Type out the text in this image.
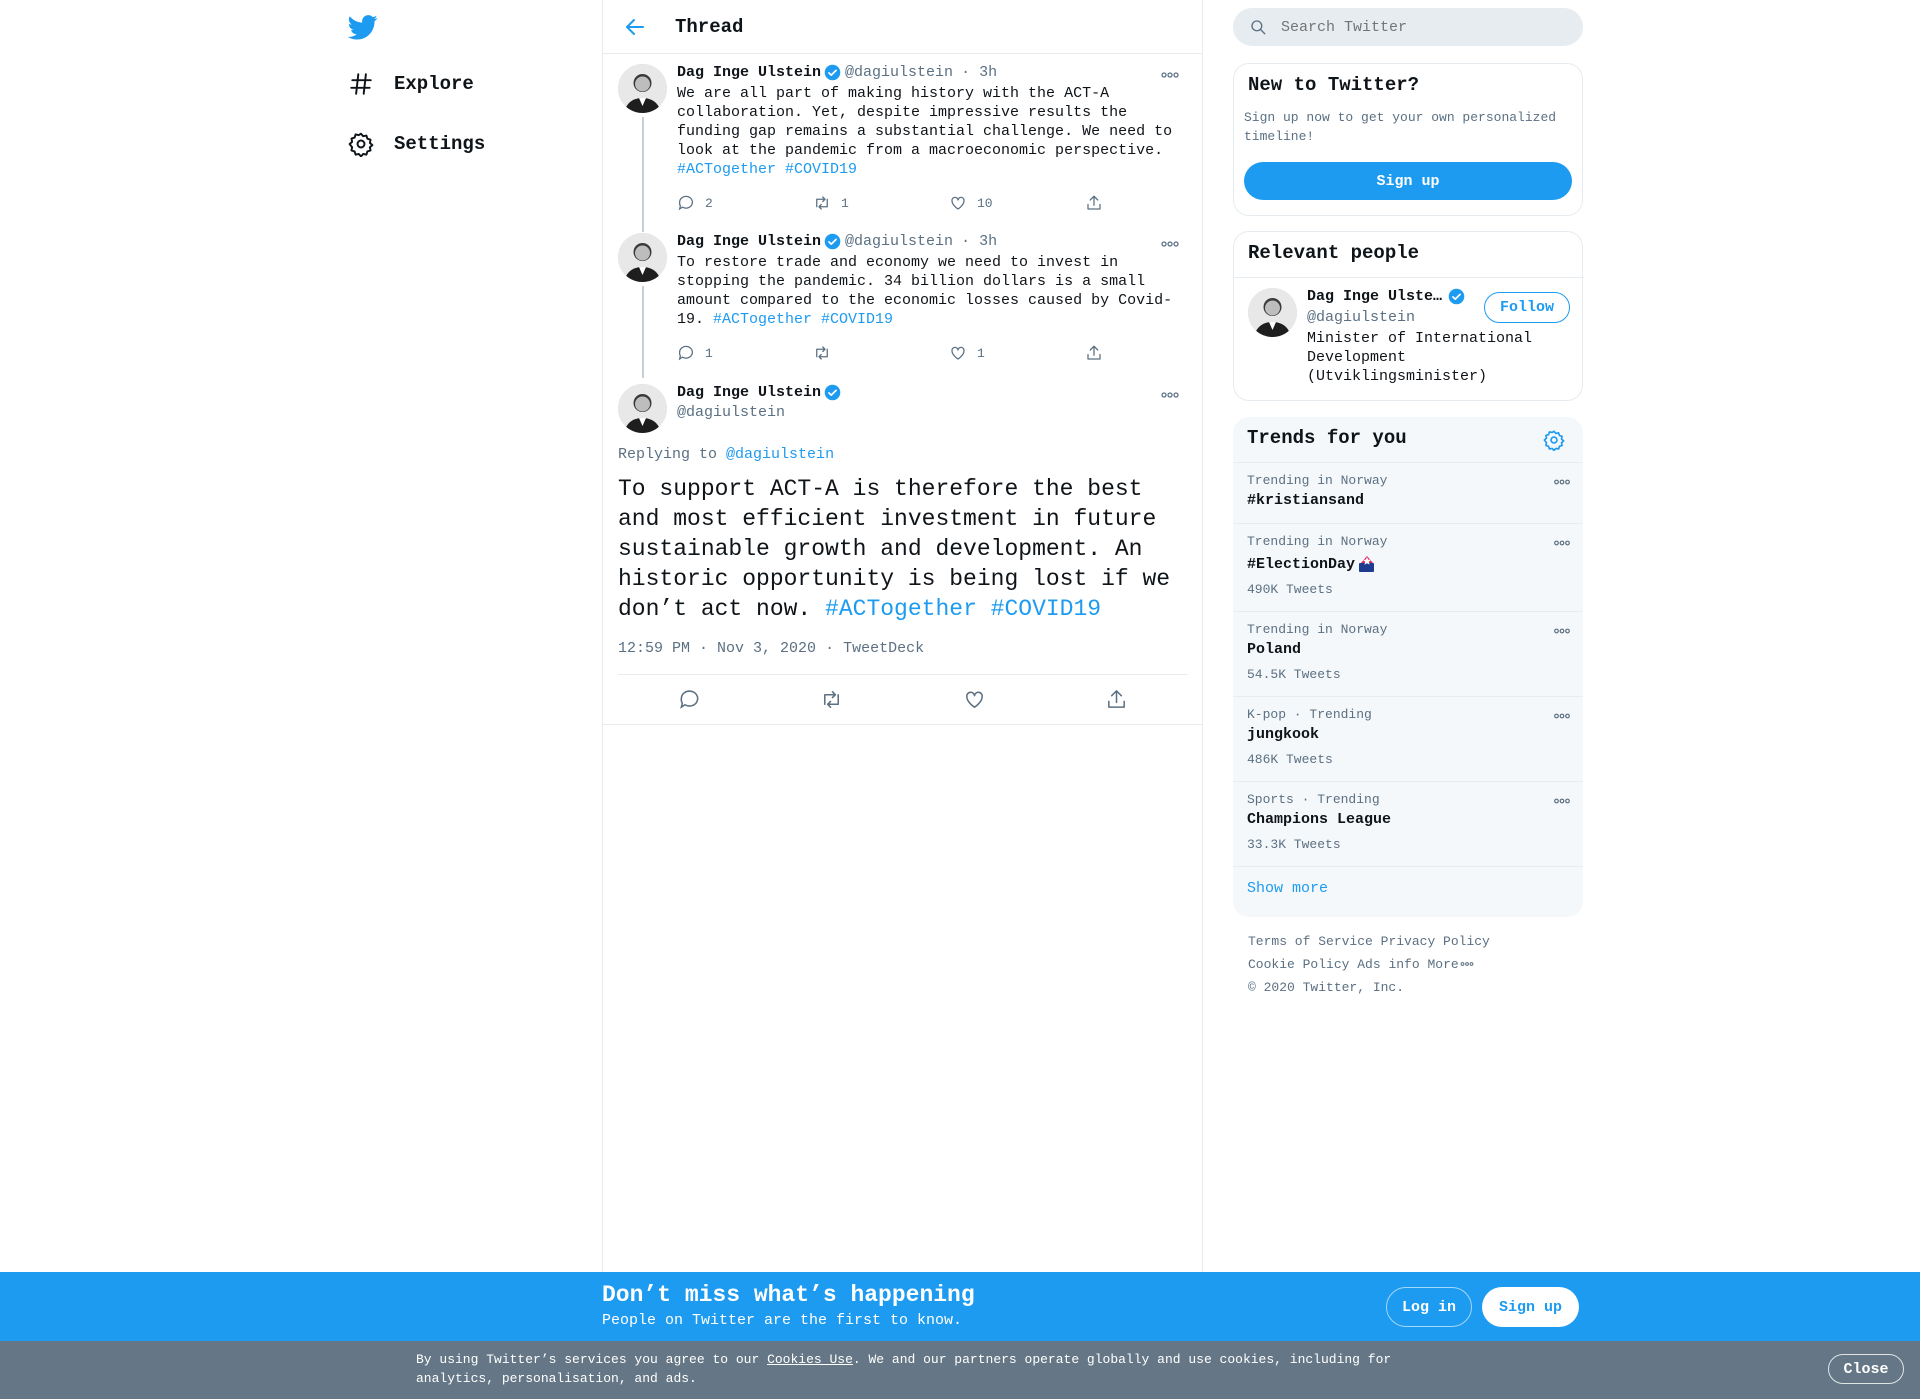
Explore
Settings
Thread
Dag Inge Ulstein @dagiulstein · 3h
We are all part of making history with the ACT-A collaboration. Yet, despite impressive results the funding gap remains a substantial challenge. We need to look at the pandemic from a macroeconomic perspective.
#ACTogether #COVID19
2	1	10
Dag Inge Ulstein @dagiulstein · 3h
To restore trade and economy we need to invest in stopping the pandemic. 34 billion dollars is a small amount compared to the economic losses caused by Covid-19. #ACTogether #COVID19
1	1
Dag Inge Ulstein
@dagiulstein
Replying to @dagiulstein
To support ACT-A is therefore the best and most efficient investment in future sustainable growth and development. An historic opportunity is being lost if we don’t act now. #ACTogether #COVID19
12:59 PM · Nov 3, 2020 · TweetDeck
Search Twitter
New to Twitter?
Sign up now to get your own personalized timeline!
Sign up
Relevant people
Dag Inge Ulste…
@dagiulstein
Minister of International Development (Utviklingsminister)
Follow
Trends for you
Trending in Norway
#kristiansand
Trending in Norway
#ElectionDay
490K Tweets
Trending in Norway
Poland
54.5K Tweets
K-pop · Trending
jungkook
486K Tweets
Sports · Trending
Champions League
33.3K Tweets
Show more
Terms of Service Privacy Policy
Cookie Policy Ads info More
© 2020 Twitter, Inc.
Don’t miss what’s happening
People on Twitter are the first to know.
Log in	Sign up
By using Twitter’s services you agree to our Cookies Use. We and our partners operate globally and use cookies, including for analytics, personalisation, and ads.
Close
